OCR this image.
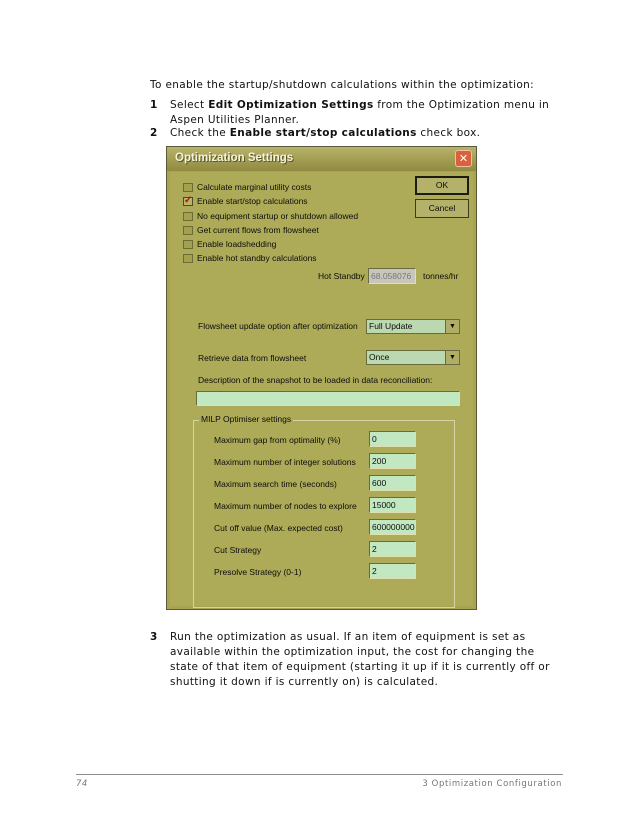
To enable the startup/shutdown calculations within the optimization:
1 Select Edit Optimization Settings from the Optimization menu in Aspen Utilities Planner.
2 Check the Enable start/stop calculations check box.
Optimization Settings	✕
Calculate marginal utility costs
✓ Enable start/stop calculations
No equipment startup or shutdown allowed
Get current flows from flowsheet
Enable loadshedding
Enable hot standby calculations
OK
Cancel
Hot Standby 68.058076	tonnes/hr
Flowsheet update option after optimization	Full Update	▼
Retrieve data from flowsheet	Once	▼
Description of the snapshot to be loaded in data reconciliation:
MILP Optimiser settings
Maximum gap from optimality (%)	0
Maximum number of integer solutions	200
Maximum search time (seconds)	600
Maximum number of nodes to explore	15000
Cut off value (Max. expected cost)	600000000
Cut Strategy	2
Presolve Strategy (0-1)	2
3 Run the optimization as usual. If an item of equipment is set as available within the optimization input, the cost for changing the state of that item of equipment (starting it up if it is currently off or shutting it down if is currently on) is calculated.
74	3 Optimization Configuration
